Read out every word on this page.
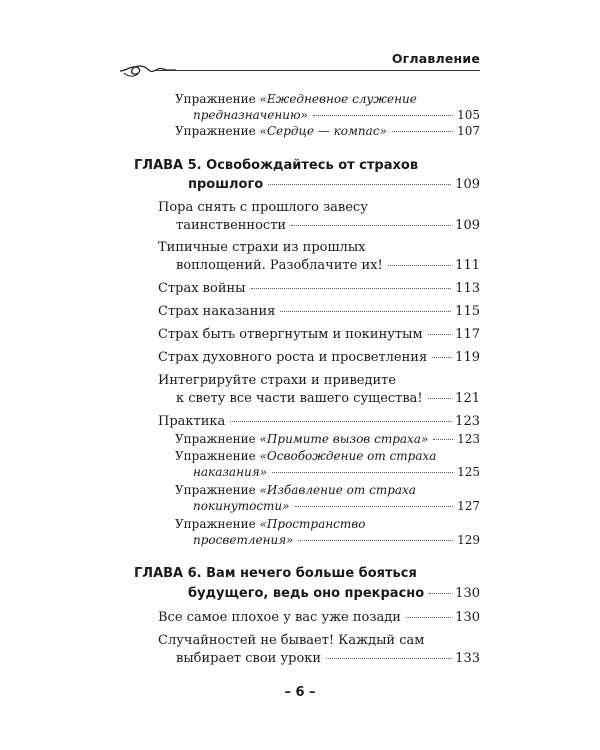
Оглавление
Упражнение «Ежедневное служение
предназначению»	105
Упражнение «Сердце — компас»	107
ГЛАВА 5. Освобождайтесь от страхов
прошлого	109
Пора снять с прошлого завесу
таинственности	109
Типичные страхи из прошлых
воплощений. Разоблачите их!	111
Страх войны	113
Страх наказания	115
Страх быть отвергнутым и покинутым	117
Страх духовного роста и просветления 119
Интегрируйте страхи и приведите
к свету все части вашего существа!	121
Практика	123
Упражнение «Примите вызов страха» 123
Упражнение «Освобождение от страха
наказания»	125
Упражнение «Избавление от страха
покинутости»	127
Упражнение «Пространство
просветления»	129
ГЛАВА 6. Вам нечего больше бояться
будущего, ведь оно прекрасно 130
Все самое плохое у вас уже позади	130
Случайностей не бывает! Каждый сам
выбирает свои уроки	133
– 6 –
